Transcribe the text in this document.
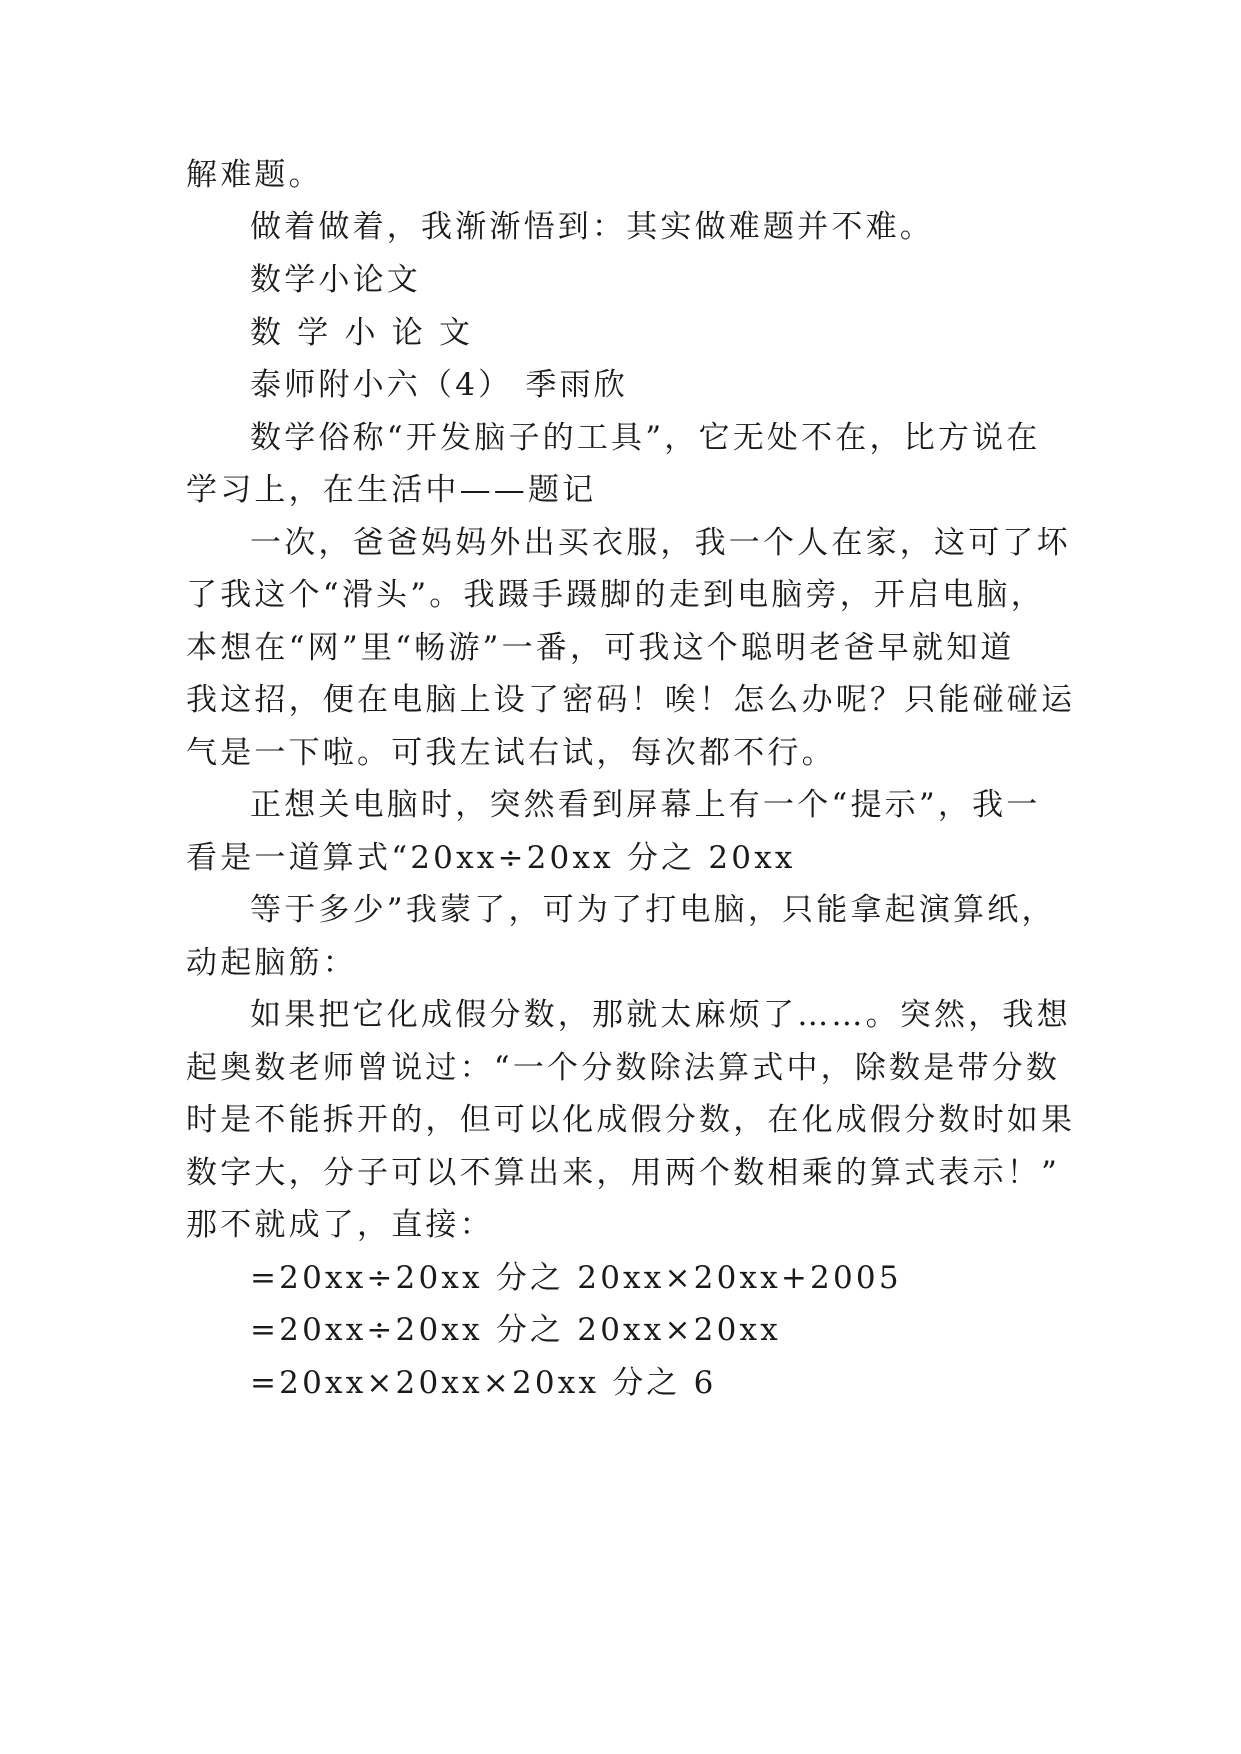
解难题。
做着做着，我渐渐悟到：其实做难题并不难。
数学小论文
数 学 小 论 文
泰师附小六（4） 季雨欣
数学俗称“开发脑子的工具”，它无处不在，比方说在
学习上，在生活中——题记
一次，爸爸妈妈外出买衣服，我一个人在家，这可了坏
了我这个“滑头”。我蹑手蹑脚的走到电脑旁，开启电脑，
本想在“网”里“畅游”一番，可我这个聪明老爸早就知道
我这招，便在电脑上设了密码！唉！怎么办呢？只能碰碰运
气是一下啦。可我左试右试，每次都不行。
正想关电脑时，突然看到屏幕上有一个“提示”，我一
看是一道算式“20xx÷20xx 分之 20xx
等于多少”我蒙了，可为了打电脑，只能拿起演算纸，
动起脑筋：
如果把它化成假分数，那就太麻烦了……。突然，我想
起奥数老师曾说过：“一个分数除法算式中，除数是带分数
时是不能拆开的，但可以化成假分数，在化成假分数时如果
数字大，分子可以不算出来，用两个数相乘的算式表示！”
那不就成了，直接：
=20xx÷20xx 分之 20xx×20xx+2005
=20xx÷20xx 分之 20xx×20xx
=20xx×20xx×20xx 分之 6
